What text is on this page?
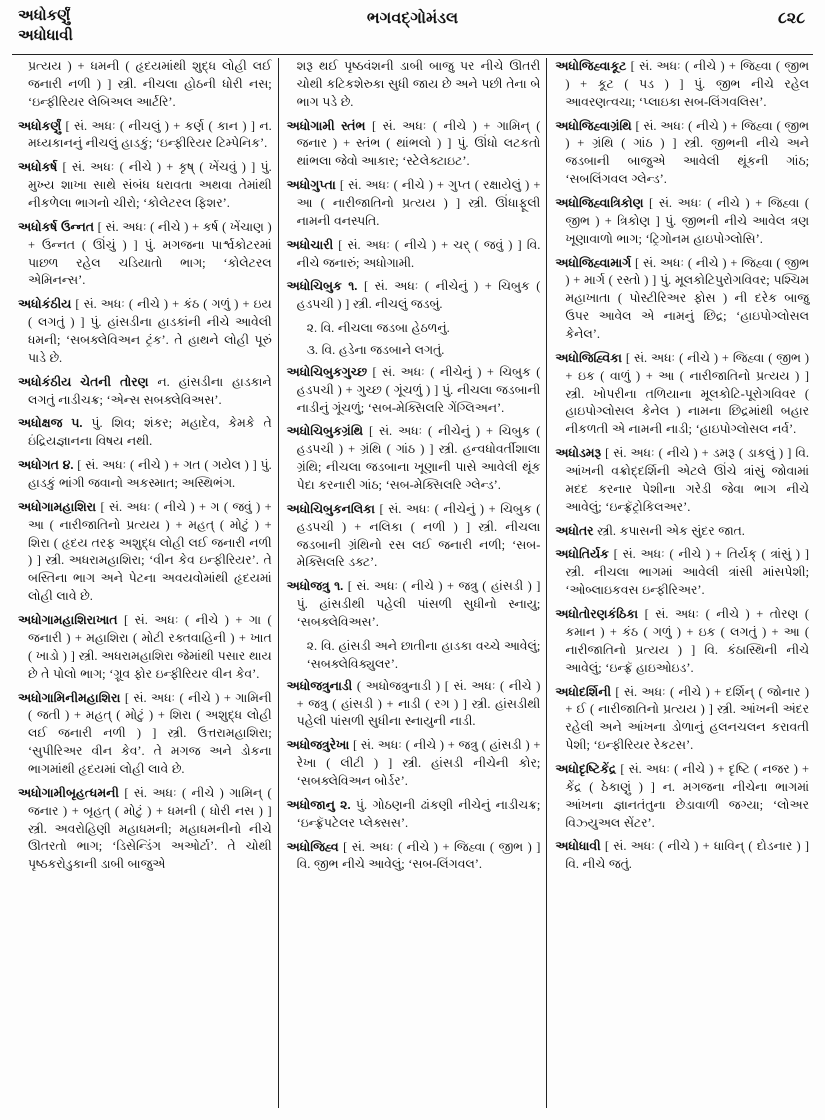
અધોકર્ણું
અધોધાવી
ભગવદ્‌ગોમંડલ	૮૨૮

પ્રત્યય ) + ધમની ( હૃદયમાંથી શુદ્ધ લોહી લઈ જનારી નળી ) ] સ્ત્રી. નીચલા હોઠની ધોરી નસ; ‘ઇન્ફીરિયર લેબિઅલ આર્ટરિ’.

અધોકર્ણું [ સં. અધઃ ( નીચલું ) + કર્ણ ( કાન ) ] ન. મધ્યકાનનું નીચલું હાડકું; ‘ઇન્ફીરિયર ટિમ્પેનિક’.

અધોકર્ષ [ સં. અધઃ ( નીચે ) + કૃષ્ ( ખેંચવું ) ] પું. મુખ્ય શાખા સાથે સંબંધ ધરાવતા અથવા તેમાંથી નીકળેલા ભાગનો ચીરો; ‘કોલેટરલ ફિશર’.

અધોકર્ષ ઉન્નત [ સં. અધઃ ( નીચે ) + કર્ષ ( ખેંચાણ ) + ઉન્નત ( ઊંચું ) ] પું. મગજના પાર્શ્વકોટરમાં પાછળ રહેલ ચડિયાતો ભાગ; ‘કોલેટરલ એમિનન્સ’.

અધોકંઠીય [ સં. અધઃ ( નીચે ) + કંઠ ( ગળું ) + ઇય ( લગતું ) ] પું. હાંસડીના હાડકાંની નીચે આવેલી ધમની; ‘સબક્લેવિઅન ટ્રંક’. તે હાથને લોહી પૂરું પાડે છે.

અધોકંઠીય ચેતની તોરણ ન. હાંસડીના હાડકાને લગતું નાડીચક્ર; ‘એન્સ સબક્લેવિઅસ’.

અધોક્ષજ ૫. પું. શિવ; શંકર; મહાદેવ, કેમકે તે ઇંદ્રિયજ્ઞાનના વિષય નથી.

અધોગત ૪. [ સં. અધઃ ( નીચે ) + ગત ( ગયેલ ) ] પું. હાડકું ભાંગી જવાનો અકસ્માત; અસ્થિભંગ.

અધોગામહાશિરા [ સં. અધઃ ( નીચે ) + ગ ( જવું ) + આ ( નારીજાતિનો પ્રત્યય ) + મહત્ ( મોટું ) + શિરા ( હૃદય તરફ અશુદ્ધ લોહી લઈ જનારી નળી ) ] સ્ત્રી. અધરામહાશિરા; ‘વીન કેવ ઇન્ફીરિયર’. તે બસ્તિના ભાગ અને પેટના અવયવોમાંથી હૃદયમાં લોહી લાવે છે.

અધોગામહાશિરાખાત [ સં. અધઃ ( નીચે ) + ગા ( જનારી ) + મહાશિરા ( મોટી રક્તવાહિની ) + ખાત ( ખાડો ) ] સ્ત્રી. અધરામહાશિરા જેમાંથી પસાર થાય છે તે પોલો ભાગ; ‘ગ્રૂવ ફોર ઇન્ફીરિયર વીન કેવ’.

અધોગામિનીમહાશિરા [ સં. અધઃ ( નીચે ) + ગામિની ( જતી ) + મહત્ ( મોટું ) + શિરા ( અશુદ્ધ લોહી લઈ જનારી નળી ) ] સ્ત્રી. ઉત્તરામહાશિરા; ‘સુપીરિઅર વીન કેવ’. તે મગજ અને ડોકના ભાગમાંથી હૃદયમાં લોહી લાવે છે.

અધોગામીબૃહત્ધમની [ સં. અધઃ ( નીચે ) ગામિન્ ( જનાર ) + બૃહત્ ( મોટું ) + ધમની ( ધોરી નસ ) ] સ્ત્રી. અવરોહિણી મહાધમની; મહાધમનીનો નીચે ઊતરતો ભાગ; ‘ડિસેન્ડિંગ અઓર્ટા’. તે ચોથી પૃષ્ઠકરોડુકાની ડાબી બાજુએ

શરૂ થઈ પૃષ્ઠવંશની ડાબી બાજુ પર નીચે ઊતરી ચોથી કટિકશેરુકા સુધી જાય છે અને પછી તેના બે ભાગ પડે છે.

અધોગામી સ્તંભ [ સં. અધઃ ( નીચે ) + ગામિન્ ( જનાર ) + સ્તંભ ( થાંભલો ) ] પું. ઊંધો લટકતો થાંભલા જેવો આકાર; ‘સ્ટેલેક્ટાઇટ’.

અધોગુપ્તા [ સં. અધઃ ( નીચે ) + ગુપ્ત ( રક્ષાયેલું ) + આ ( નારીજાતિનો પ્રત્યય ) ] સ્ત્રી. ઊંધાફૂલી નામની વનસ્પતિ.

અધોચારી [ સં. અધઃ ( નીચે ) + ચર્ ( જવું ) ] વિ. નીચે જનારું; અધોગામી.

અધોચિબુક ૧. [ સં. અધઃ ( નીચેનું ) + ચિબુક ( હડપચી ) ] સ્ત્રી. નીચલું જડબું.

૨. વિ. નીચલા જડબા હેઠળનું.

૩. વિ. હડેના જડબાને લગતું.

અધોચિબુકગુચ્છ [ સં. અધઃ ( નીચેનું ) + ચિબુક ( હડપચી ) + ગુચ્છ ( ગૂંચળું ) ] પું. નીચલા જડબાની નાડીનું ગૂંચળું; ‘સબ-મેક્સિલરિ ગેંગ્લિઅન’.

અધોચિબુકગ્રંથિ [ સં. અધઃ ( નીચેનું ) + ચિબુક ( હડપચી ) + ગ્રંથિ ( ગાંઠ ) ] સ્ત્રી. હન્વધોવર્તીશાલા ગ્રંથિ; નીચલા જડબાના ખૂણાની પાસે આવેલી થૂંક પેદા કરનારી ગાંઠ; ‘સબ-મેક્સિલરિ ગ્લેન્ડ’.

અધોચિબુકનલિકા [ સં. અધઃ ( નીચેનું ) + ચિબુક ( હડપચી ) + નલિકા ( નળી ) ] સ્ત્રી. નીચલા જડબાની ગ્રંથિનો રસ લઈ જનારી નળી; ‘સબ-મેક્સિલરિ ડક્ટ’.

અધોજત્રુ ૧. [ સં. અધઃ ( નીચે ) + જત્રુ ( હાંસડી ) ] પું. હાંસડીથી પહેલી પાંસળી સુધીનો સ્નાયુ; ‘સબક્લેવિઅસ’.

૨. વિ. હાંસડી અને છાતીના હાડકા વચ્ચે આવેલું; ‘સબક્લેવિક્યુલર’.

અધોજત્રુનાડી ( અધોજત્રુનાડી ) [ સં. અધઃ ( નીચે ) + જત્રુ ( હાંસડી ) + નાડી ( રગ ) ] સ્ત્રી. હાંસડીથી પહેલી પાંસળી સુધીના સ્નાયુની નાડી.

અધોજત્રુરેખા [ સં. અધઃ ( નીચે ) + જત્રુ ( હાંસડી ) + રેખા ( લીટી ) ] સ્ત્રી. હાંસડી નીચેની કોર; ‘સબક્લેવિઅન બોર્ડર’.

અધોજાનુ ૨. પું. ગોઠણની ઢાંકણી નીચેનું નાડીચક્ર; ‘ઇન્ફ્રૅપટેલર પ્લેક્સસ’.

અધોજિહ્વ [ સં. અધઃ ( નીચે ) + જિહ્વા ( જીભ ) ] વિ. જીભ નીચે આવેલું; ‘સબ-લિંગવલ’.

અધોજિહ્વાકૂટ [ સં. અધઃ ( નીચે ) + જિહ્વા ( જીભ ) + કૂટ ( પડ ) ] પું. જીભ નીચે રહેલ આવરણત્વચા; ‘પ્લાઇકા સબ-લિંગવલિસ’.

અધોજિહ્વાગ્રંથિ [ સં. અધઃ ( નીચે ) + જિહ્વા ( જીભ ) + ગ્રંથિ ( ગાંઠ ) ] સ્ત્રી. જીભની નીચે અને જડબાની બાજુએ આવેલી થૂંકની ગાંઠ; ‘સબલિંગવલ ગ્લેન્ડ’.

અધોજિહ્વાત્રિકોણ [ સં. અધઃ ( નીચે ) + જિહ્વા ( જીભ ) + ત્રિકોણ ] પું. જીભની નીચે આવેલ ત્રણ ખૂણાવાળો ભાગ; ‘ટ્રિગોનમ હાઇપોગ્લોસિ’.

અધોજિહ્વામાર્ગ [ સં. અધઃ ( નીચે ) + જિહ્વા ( જીભ ) + માર્ગ ( રસ્તો ) ] પું. મૂલકોટિપુરોગવિવર; પશ્ચિમ મહાખાતા ( પોસ્ટીરિઅર ફોસ ) ની દરેક બાજુ ઉપર આવેલ એ નામનું છિદ્ર; ‘હાઇપોગ્લોસલ કેનેલ’.

અધોજિહ્વિકા [ સં. અધઃ ( નીચે ) + જિહ્વા ( જીભ ) + ઇક ( વાળું ) + આ ( નારીજાતિનો પ્રત્યય ) ] સ્ત્રી. ખોપરીના તળિયાના મૂલકોટિ-પૂરોગવિવર ( હાઇપોગ્લોસલ કેનેલ ) નામના છિદ્રમાંથી બહાર નીકળતી એ નામની નાડી; ‘હાઇપોગ્લોસલ નર્વ’.

અધોડમરૂ [ સં. અધઃ ( નીચે ) + ડમરૂ ( ડાકલું ) ] વિ. આંખની વક્રોદ્દર્શિની એટલે ઊંચે ત્રાંસું જોવામાં મદદ કરનાર પેશીના ગરેડી જેવા ભાગ નીચે આવેલું; ‘ઇન્ફ્રૅટ્રોકિલઅર’.

અધોતર સ્ત્રી. કપાસની એક સુંદર જાત.

અધોતિર્યક [ સં. અધઃ ( નીચે ) + તિર્યક્ ( ત્રાંસું ) ] સ્ત્રી. નીચલા ભાગમાં આવેલી ત્રાંસી માંસપેશી; ‘ઓબ્લાઇકવસ ઇન્ફીરિઅર’.

અધોતોરણકંઠિકા [ સં. અધઃ ( નીચે ) + તોરણ ( કમાન ) + કંઠ ( ગળું ) + ઇક ( લગતું ) + આ ( નારીજાતિનો પ્રત્યય ) ] વિ. કંઠાસ્થિની નીચે આવેલું; ‘ઇન્ફ્રૅ હાઇઓઇડ’.

અધોદર્શિની [ સં. અધઃ ( નીચે ) + દર્શિન્ ( જોનાર ) + ઈ ( નારીજાતિનો પ્રત્યય ) ] સ્ત્રી. આંખની અંદર રહેલી અને આંખના ડોળાનું હલનચલન કરાવતી પેશી; ‘ઇન્ફીરિયર રેકટસ’.

અધોદૃષ્ટિકેંદ્ર [ સં. અધઃ ( નીચે ) + દૃષ્ટિ ( નજર ) + કેંદ્ર ( ઠેકાણું ) ] ન. મગજના નીચેના ભાગમાં આંખના જ્ઞાનતંતુના છેડાવાળી જગ્યા; ‘લોઅર વિઝ્યુઅલ સેંટર’.

અધોધાવી [ સં. અધઃ ( નીચે ) + ધાવિન્ ( દોડનાર ) ] વિ. નીચે જતું.
